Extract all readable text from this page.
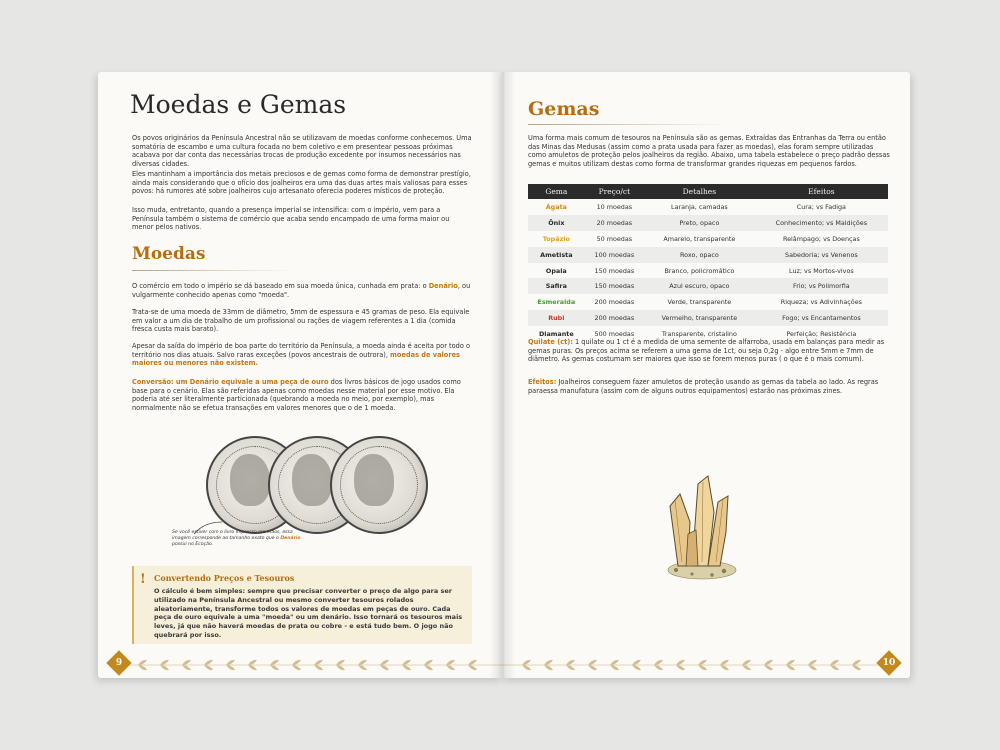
Moedas e Gemas
Os povos originários da Península Ancestral não se utilizavam de moedas conforme conhecemos. Uma somatória de escambo e uma cultura focada no bem coletivo e em presentear pessoas próximas acabava por dar conta das necessárias trocas de produção excedente por insumos necessários nas diversas cidades.
Eles mantinham a importância dos metais preciosos e de gemas como forma de demonstrar prestígio, ainda mais considerando que o ofício dos joalheiros era uma das duas artes mais valiosas para esses povos: há rumores até sobre joalheiros cujo artesanato oferecia poderes místicos de proteção.
Isso muda, entretanto, quando a presença imperial se intensifica: com o império, vem para a Península também o sistema de comércio que acaba sendo encampado de uma forma maior ou menor pelos nativos.
Moedas
O comércio em todo o império se dá baseado em sua moeda única, cunhada em prata: o Denário, ou vulgarmente conhecido apenas como "moeda".
Trata-se de uma moeda de 33mm de diâmetro, 5mm de espessura e 45 gramas de peso. Ela equivale em valor a um dia de trabalho de um profissional ou rações de viagem referentes a 1 dia (comida fresca custa mais barato).
Apesar da saída do império de boa parte do território da Península, a moeda ainda é aceita por todo o território nos dias atuais. Salvo raras exceções (povos ancestrais de outrora), moedas de valores maiores ou menores não existem.
Conversão: um Denário equivale a uma peça de ouro dos livros básicos de jogo usados como base para o cenário. Elas são referidas apenas como moedas nesse material por esse motivo. Ela poderia até ser literalmente particionada (quebrando a moeda no meio, por exemplo), mas normalmente não se efetua transações em valores menores que o de 1 moeda.
Se você estiver com o livro impresso em mãos, essa imagem corresponde ao tamanho exato que o Denário possui no Ecoção.
! Convertendo Preços e Tesouros
O cálculo é bem simples: sempre que precisar converter o preço de algo para ser utilizado na Península Ancestral ou mesmo converter tesouros rolados aleatoriamente, transforme todos os valores de moedas em peças de ouro. Cada peça de ouro equivale a uma "moeda" ou um denário. Isso tornará os tesouros mais leves, já que não haverá moedas de prata ou cobre - e está tudo bem. O jogo não quebrará por isso.
9
Gemas
Uma forma mais comum de tesouros na Península são as gemas. Extraídas das Entranhas da Terra ou então das Minas das Medusas (assim como a prata usada para fazer as moedas), elas foram sempre utilizadas como amuletos de proteção pelos joalheiros da região. Abaixo, uma tabela estabelece o preço padrão dessas gemas e muitos utilizam destas como forma de transformar grandes riquezas em pequenos fardos.
Gema	Preço/ct	Detalhes	Efeitos
Ágata	10 moedas	Laranja, camadas	Cura; vs Fadiga
Ônix	20 moedas	Preto, opaco	Conhecimento; vs Maldições
Topázio	50 moedas	Amarelo, transparente	Relâmpago; vs Doenças
Ametista	100 moedas	Roxo, opaco	Sabedoria; vs Venenos
Opala	150 moedas	Branco, policromático	Luz; vs Mortos-vivos
Safira	150 moedas	Azul escuro, opaco	Frio; vs Polimorfia
Esmeralda	200 moedas	Verde, transparente	Riqueza; vs Adivinhações
Rubi	200 moedas	Vermelho, transparente	Fogo; vs Encantamentos
Diamante	500 moedas	Transparente, cristalino	Perfeição; Resistência
Quilate (ct): 1 quilate ou 1 ct é a medida de uma semente de alfarroba, usada em balanças para medir as gemas puras. Os preços acima se referem a uma gema de 1ct, ou seja 0,2g - algo entre 5mm e 7mm de diâmetro. As gemas costumam ser maiores que isso se forem menos puras ( o que é o mais comum).
Efeitos: Joalheiros conseguem fazer amuletos de proteção usando as gemas da tabela ao lado. As regras paraessa manufatura (assim com de alguns outros equipamentos) estarão nas próximas zines.
10
